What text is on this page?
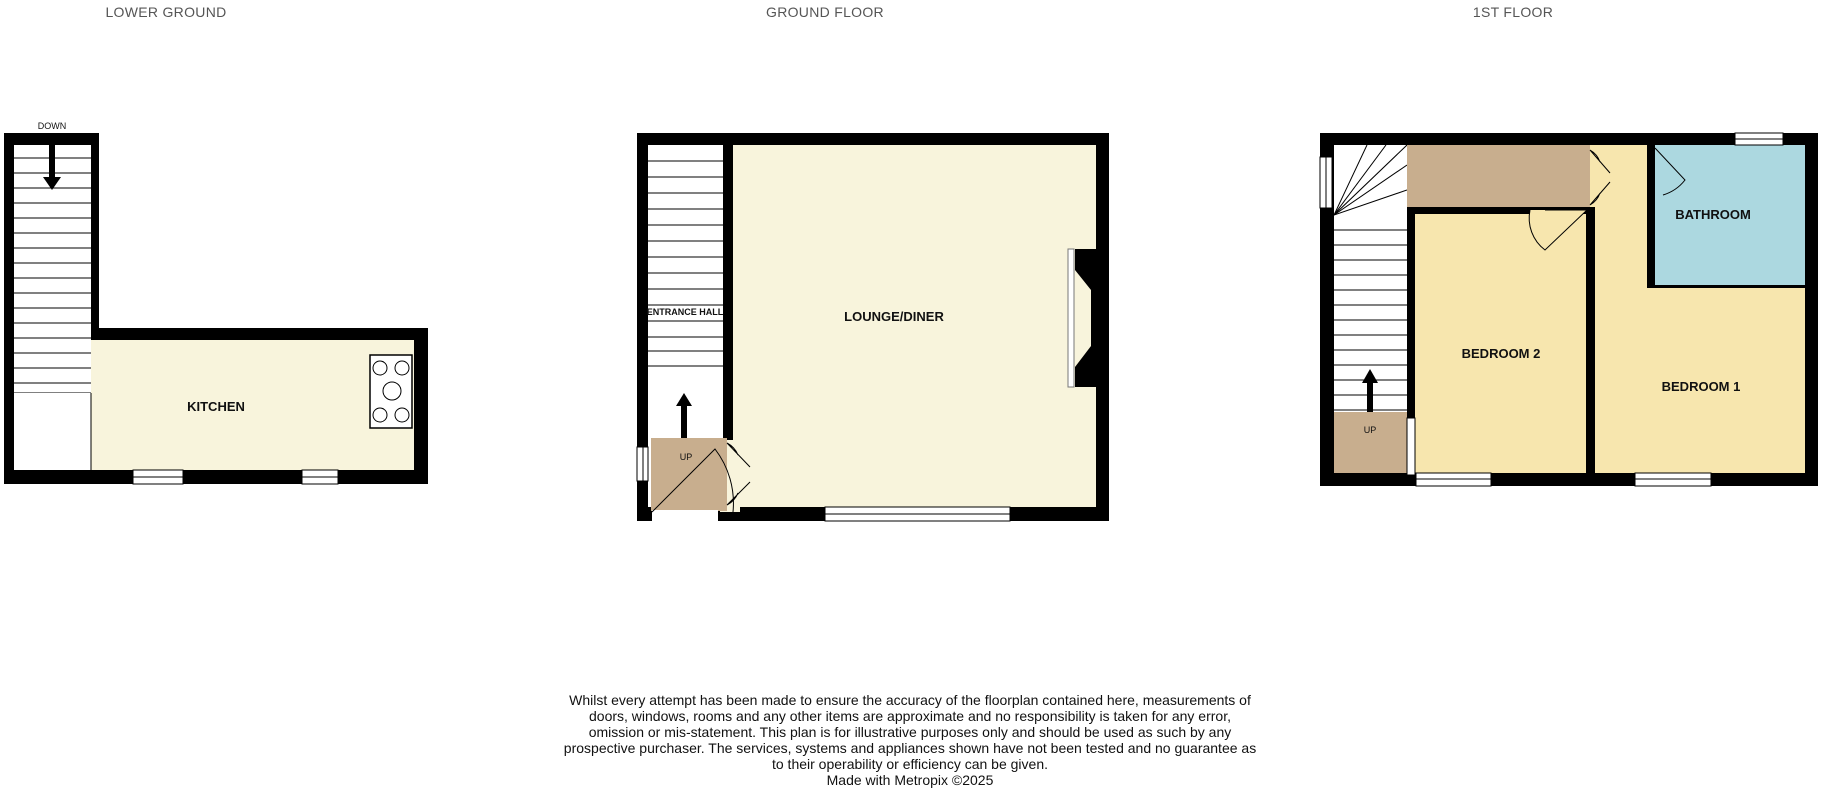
LOWER GROUND	GROUND FLOOR	1ST FLOOR
DOWN
KITCHEN
UP
ENTRANCE HALL	LOUNGE/DINER
UP
BATHROOM
BEDROOM 2
BEDROOM 1
Whilst every attempt has been made to ensure the accuracy of the floorplan contained here, measurements of doors, windows, rooms and any other items are approximate and no responsibility is taken for any error, omission or mis-statement. This plan is for illustrative purposes only and should be used as such by any prospective purchaser. The services, systems and appliances shown have not been tested and no guarantee as to their operability or efficiency can be given.
Made with Metropix ©2025
